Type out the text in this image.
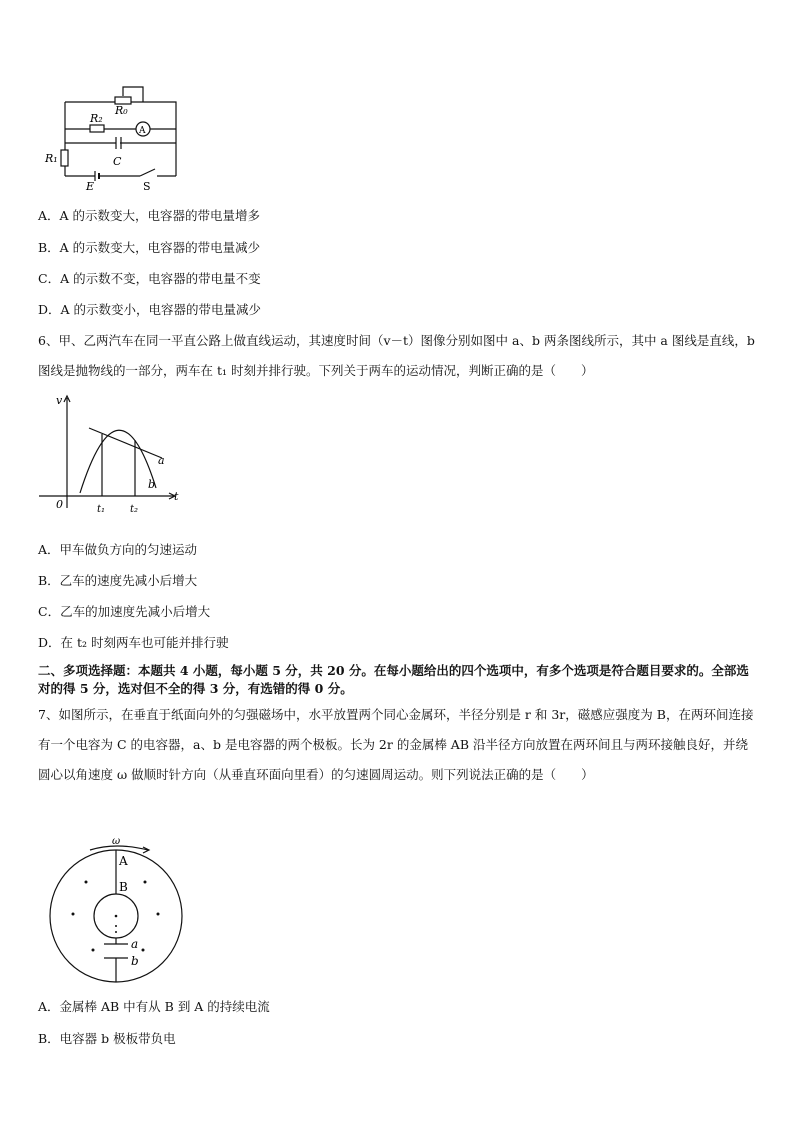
R₀
R₂
A
R₁	C
E	S
A．A 的示数变大，电容器的带电量增多
B．A 的示数变大，电容器的带电量减少
C．A 的示数不变，电容器的带电量不变
D．A 的示数变小，电容器的带电量减少
6、甲、乙两汽车在同一平直公路上做直线运动，其速度时间（v－t）图像分别如图中 a、b 两条图线所示，其中 a 图线是直线，b 图线是抛物线的一部分，两车在 t₁ 时刻并排行驶。下列关于两车的运动情况，判断正确的是（　　）
v
t
0	t₁ t₂
a
b
A．甲车做负方向的匀速运动
B．乙车的速度先减小后增大
C．乙车的加速度先减小后增大
D．在 t₂ 时刻两车也可能并排行驶
二、多项选择题：本题共 4 小题，每小题 5 分，共 20 分。在每小题给出的四个选项中，有多个选项是符合题目要求的。全部选对的得 5 分，选对但不全的得 3 分，有选错的得 0 分。
7、如图所示，在垂直于纸面向外的匀强磁场中，水平放置两个同心金属环，半径分别是 r 和 3r，磁感应强度为 B，在两环间连接有一个电容为 C 的电容器，a、b 是电容器的两个极板。长为 2r 的金属棒 AB 沿半径方向放置在两环间且与两环接触良好，并绕圆心以角速度 ω 做顺时针方向（从垂直环面向里看）的匀速圆周运动。则下列说法正确的是（　　）
ω
A
B
a
b
A．金属棒 AB 中有从 B 到 A 的持续电流
B．电容器 b 极板带负电
